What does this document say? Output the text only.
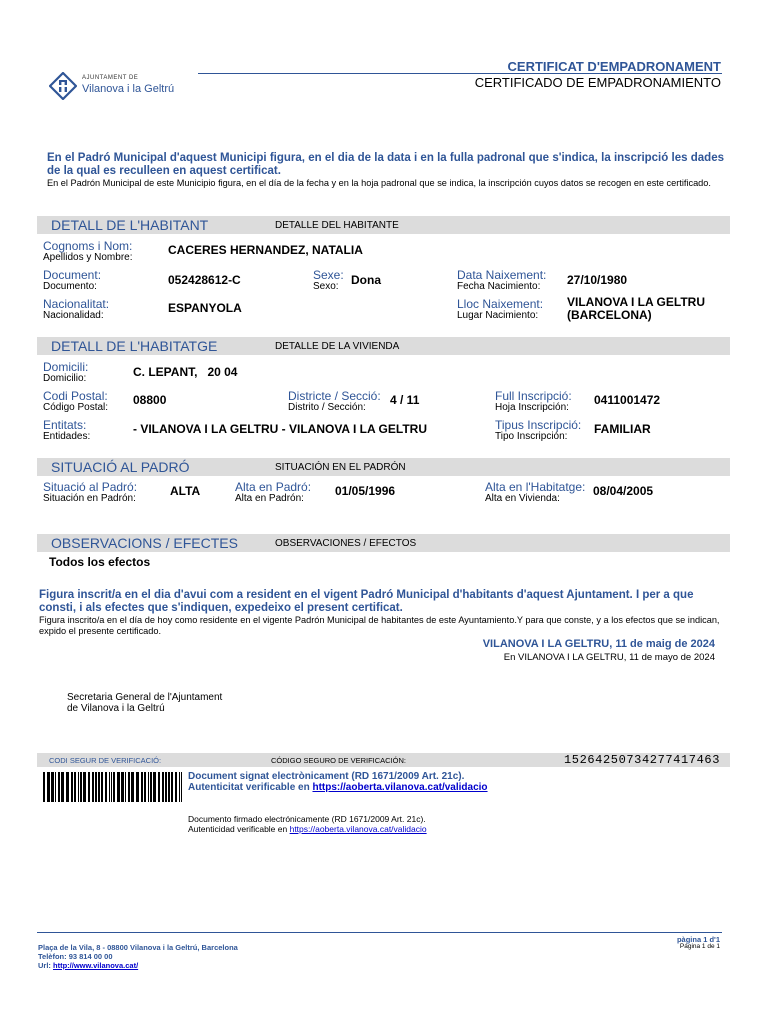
AJUNTAMENT DE
Vilanova i la Geltrú
CERTIFICAT D'EMPADRONAMENT
CERTIFICADO DE EMPADRONAMIENTO
En el Padró Municipal d'aquest Municipi figura, en el dia de la data i en la fulla padronal que s'indica, la inscripció les dades de la qual es reculleen en aquest certificat.
En el Padrón Municipal de este Municipio figura, en el día de la fecha y en la hoja padronal que se indica, la inscripción cuyos datos se recogen en este certificado.
DETALL DE L'HABITANT	DETALLE DEL HABITANTE
Cognoms i Nom:
Apellidos y Nombre:
CACERES HERNANDEZ, NATALIA
Document:
Documento:	052428612-C	Sexe:
Sexo: Dona	Data Naixement:
Fecha Nacimiento: 27/10/1980
Nacionalitat:
Nacionalidad:
ESPANYOLA	Lloc Naixement:
Lugar Nacimiento:
VILANOVA I LA GELTRU
(BARCELONA)
DETALL DE L'HABITATGE	DETALLE DE LA VIVIENDA
Domicili:
Domicilio:	C. LEPANT,   20 04
Codi Postal:
Código Postal:
08800	Districte / Secció:
Distrito / Sección:
4 / 11	Full Inscripció:
Hoja Inscripción:
0411001472
Entitats:
Entidades:
- VILANOVA I LA GELTRU - VILANOVA I LA GELTRU	Tipus Inscripció:
Tipo Inscripción:
FAMILIAR
SITUACIÓ AL PADRÓ	SITUACIÓN EN EL PADRÓN
Situació al Padró:
Situación en Padrón:
ALTA	Alta en Padró:
Alta en Padrón:
01/05/1996	Alta en l'Habitatge:
Alta en Vivienda:
08/04/2005
OBSERVACIONS / EFECTES	OBSERVACIONES / EFECTOS
Todos los efectos
Figura inscrit/a en el dia d'avui com a resident en el vigent Padró Municipal d'habitants d'aquest Ajuntament. I per a que consti, i als efectes que s'indiquen, expedeixo el present certificat.
Figura inscrito/a en el día de hoy como residente en el vigente Padrón Municipal de habitantes de este Ayuntamiento.Y para que conste, y a los efectos que se indican, expido el presente certificado.
VILANOVA I LA GELTRU, 11 de maig de 2024
En VILANOVA I LA GELTRU, 11 de mayo de 2024
Secretaria General de l'Ajuntament
de Vilanova i la Geltrú
CODI SEGUR DE VERIFICACIÓ:	CÓDIGO SEGURO DE VERIFICACIÓN:	15264250734277417463
Document signat electrònicament (RD 1671/2009 Art. 21c).
Autenticitat verificable en https://aoberta.vilanova.cat/validacio
Documento firmado electrónicamente (RD 1671/2009 Art. 21c).
Autenticidad verificable en https://aoberta.vilanova.cat/validacio
Plaça de la Vila, 8 - 08800 Vilanova i la Geltrú, Barcelona
Telèfon: 93 814 00 00
Url: http://www.vilanova.cat/
pàgina 1 d'1
Página 1 de 1
